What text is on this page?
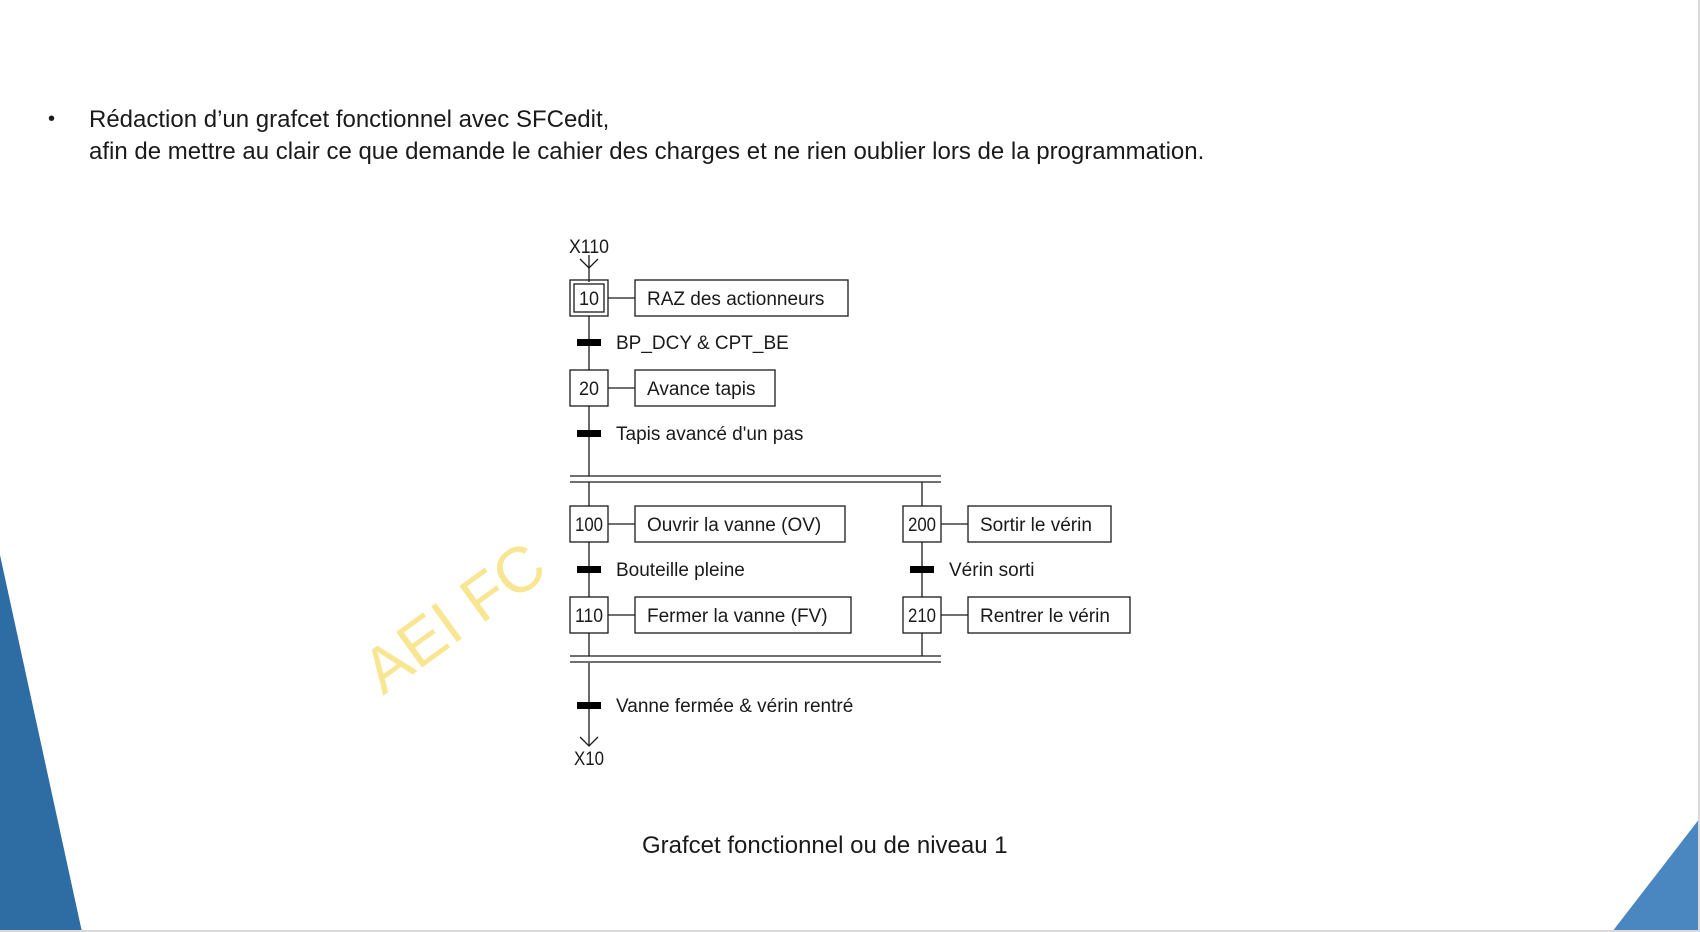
• Rédaction d’un grafcet fonctionnel avec SFCedit,
afin de mettre au clair ce que demande le cahier des charges et ne rien oublier lors de la programmation.
AEI FC
X110
10
20
100
110
200
210
X10
RAZ des actionneurs
Avance tapis
Ouvrir la vanne (OV)
Fermer la vanne (FV)
Sortir le vérin
Rentrer le vérin
BP_DCY & CPT_BE
Tapis avancé d'un pas
Bouteille pleine	Vérin sorti
Vanne fermée & vérin rentré
Grafcet fonctionnel ou de niveau 1
